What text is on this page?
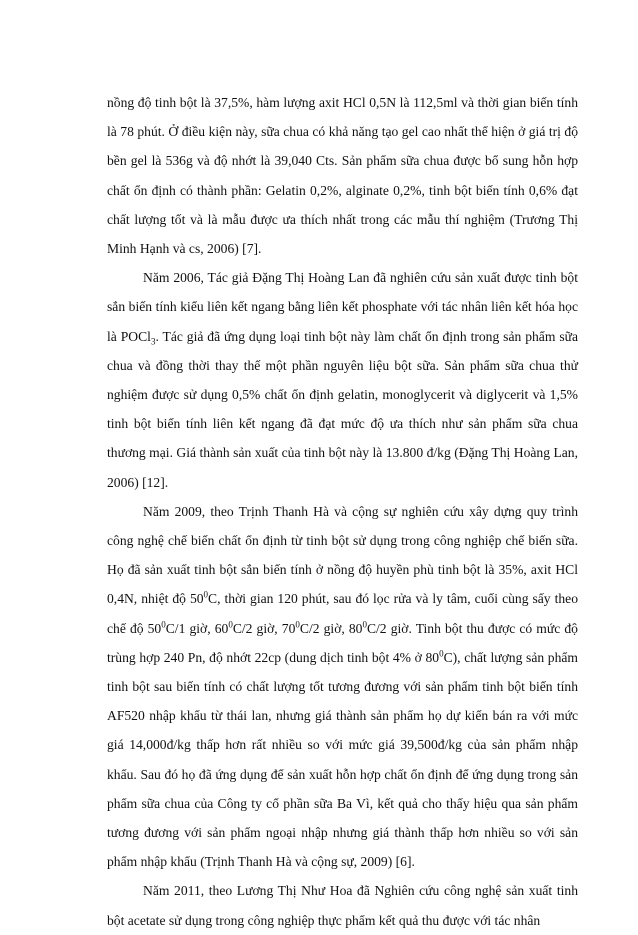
nồng độ tinh bột là 37,5%, hàm lượng axit HCl 0,5N là 112,5ml và thời gian biến tính là 78 phút. Ở điều kiện này, sữa chua có khả năng tạo gel cao nhất thể hiện ở giá trị độ bền gel là 536g và độ nhớt là 39,040 Cts. Sản phẩm sữa chua được bổ sung hỗn hợp chất ổn định có thành phần: Gelatin 0,2%, alginate 0,2%, tinh bột biến tính 0,6% đạt chất lượng tốt và là mẫu được ưa thích nhất trong các mẫu thí nghiệm (Trương Thị Minh Hạnh và cs, 2006) [7].

Năm 2006, Tác giả Đặng Thị Hoàng Lan đã nghiên cứu sản xuất được tinh bột sắn biến tính kiểu liên kết ngang bằng liên kết phosphate với tác nhân liên kết hóa học là POCl$_3$. Tác giả đã ứng dụng loại tinh bột này làm chất ổn định trong sản phẩm sữa chua và đồng thời thay thế một phần nguyên liệu bột sữa. Sản phẩm sữa chua thử nghiệm được sử dụng 0,5% chất ổn định gelatin, monoglycerit và diglycerit và 1,5% tinh bột biến tính liên kết ngang đã đạt mức độ ưa thích như sản phẩm sữa chua thương mại. Giá thành sản xuất của tinh bột này là 13.800 đ/kg (Đặng Thị Hoàng Lan, 2006) [12].

Năm 2009, theo Trịnh Thanh Hà và cộng sự nghiên cứu xây dựng quy trình công nghệ chế biến chất ổn định từ tinh bột sử dụng trong công nghiệp chế biến sữa. Họ đã sản xuất tinh bột sắn biến tính ở nồng độ huyền phù tinh bột là 35%, axit HCl 0,4N, nhiệt độ $50^0C$, thời gian 120 phút, sau đó lọc rửa và ly tâm, cuối cùng sấy theo chế độ $50^0C/1$ giờ, $60^0C/2$ giờ, $70^0C/2$ giờ, $80^0C/2$ giờ. Tinh bột thu được có mức độ trùng hợp 240 Pn, độ nhớt 22cp (dung dịch tinh bột 4% ở $80^0C$), chất lượng sản phẩm tinh bột sau biến tính có chất lượng tốt tương đương với sản phẩm tinh bột biến tính AF520 nhập khẩu từ thái lan, nhưng giá thành sản phẩm họ dự kiến bán ra với mức giá 14,000đ/kg thấp hơn rất nhiều so với mức giá 39,500đ/kg của sản phẩm nhập khẩu. Sau đó họ đã ứng dụng để sản xuất hỗn hợp chất ổn định để ứng dụng trong sản phẩm sữa chua của Công ty cổ phần sữa Ba Vì, kết quả cho thấy hiệu qua sản phẩm tương đương với sản phẩm ngoại nhập nhưng giá thành thấp hơn nhiều so với sản phẩm nhập khẩu (Trịnh Thanh Hà và cộng sự, 2009) [6].

Năm 2011, theo Lương Thị Như Hoa đã Nghiên cứu công nghệ sản xuất tinh bột acetate sử dụng trong công nghiệp thực phẩm kết quả thu được với tác nhân
